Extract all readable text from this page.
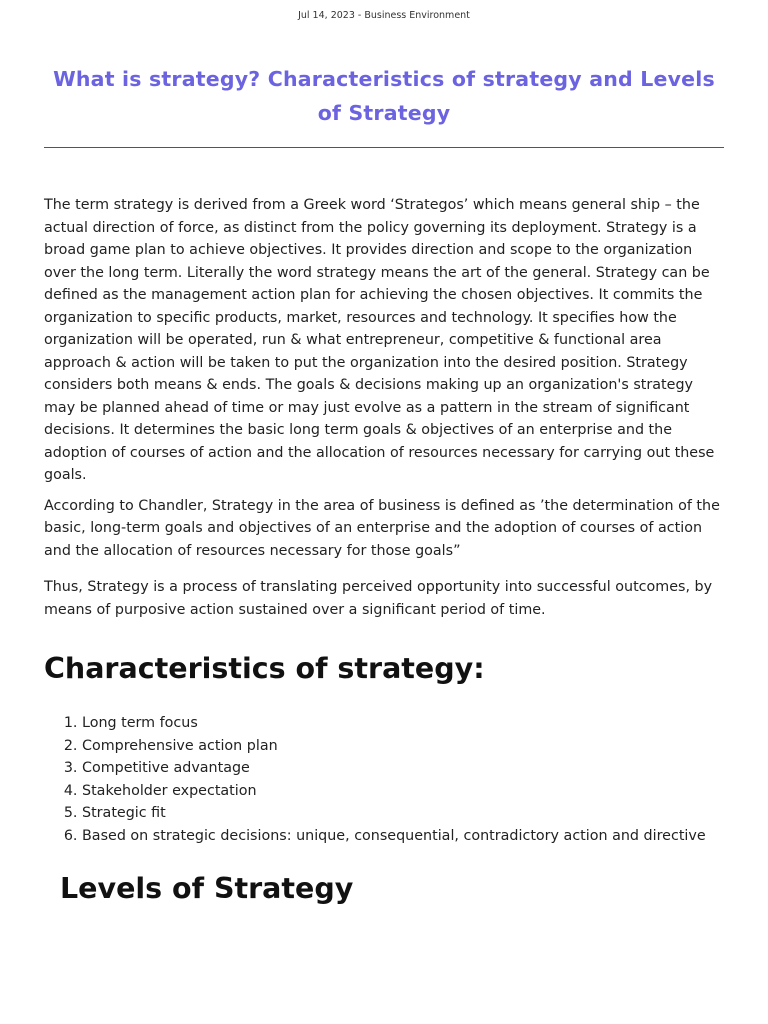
Jul 14, 2023 - Business Environment
What is strategy? Characteristics of strategy and Levels of Strategy

The term strategy is derived from a Greek word ‘Strategos’ which means general ship – the actual direction of force, as distinct from the policy governing its deployment. Strategy is a broad game plan to achieve objectives. It provides direction and scope to the organization over the long term. Literally the word strategy means the art of the general. Strategy can be defined as the management action plan for achieving the chosen objectives. It commits the organization to specific products, market, resources and technology. It specifies how the organization will be operated, run & what entrepreneur, competitive & functional area approach & action will be taken to put the organization into the desired position. Strategy considers both means & ends. The goals & decisions making up an organization's strategy may be planned ahead of time or may just evolve as a pattern in the stream of significant decisions. It determines the basic long term goals & objectives of an enterprise and the adoption of courses of action and the allocation of resources necessary for carrying out these goals.

According to Chandler, Strategy in the area of business is defined as ’the determination of the basic, long-term goals and objectives of an enterprise and the adoption of courses of action and the allocation of resources necessary for those goals”

Thus, Strategy is a process of translating perceived opportunity into successful outcomes, by means of purposive action sustained over a significant period of time.

Characteristics of strategy:
1. Long term focus
2. Comprehensive action plan
3. Competitive advantage
4. Stakeholder expectation
5. Strategic fit
6. Based on strategic decisions: unique, consequential, contradictory action and directive
Levels of Strategy
